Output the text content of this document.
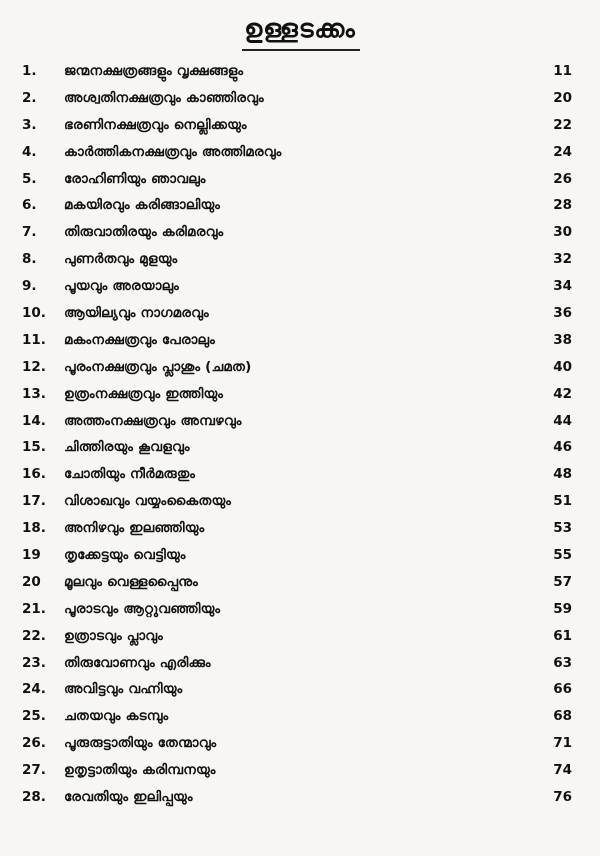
ഉള്ളടക്കം
1.	ജന്മനക്ഷത്രങ്ങളും വൃക്ഷങ്ങളും	11
2.	അശ്വതിനക്ഷത്രവും കാഞ്ഞിരവും	20
3.	ഭരണിനക്ഷത്രവും നെല്ലിക്കയും	22
4.	കാർത്തികനക്ഷത്രവും അത്തിമരവും	24
5.	രോഹിണിയും ഞാവലും	26
6.	മകയിരവും കരിങ്ങാലിയും	28
7.	തിരുവാതിരയും കരിമരവും	30
8.	പുണർതവും മുളയും	32
9.	പൂയവും അരയാലും	34
10.	ആയില്യവും നാഗമരവും	36
11.	മകംനക്ഷത്രവും പേരാലും	38
12.	പൂരംനക്ഷത്രവും പ്ലാശും (ചമത)	40
13.	ഉത്രംനക്ഷത്രവും ഇത്തിയും	42
14.	അത്തംനക്ഷത്രവും അമ്പഴവും	44
15.	ചിത്തിരയും കൂവളവും	46
16.	ചോതിയും നീർമരുതും	48
17.	വിശാഖവും വയ്യംകൈതയും	51
18.	അനിഴവും ഇലഞ്ഞിയും	53
19	തൃക്കേട്ടയും വെട്ടിയും	55
20	മൂലവും വെള്ളപ്പൈനും	57
21.	പൂരാടവും ആറ്റുവഞ്ഞിയും	59
22.	ഉത്രാടവും പ്ലാവും	61
23.	തിരുവോണവും എരിക്കും	63
24.	അവിട്ടവും വഹ്നിയും	66
25.	ചതയവും കടമ്പും	68
26.	പൂരുരുട്ടാതിയും തേന്മാവും	71
27.	ഉതൃട്ടാതിയും കരിമ്പനയും	74
28.	രേവതിയും ഇലിപ്പയും	76
